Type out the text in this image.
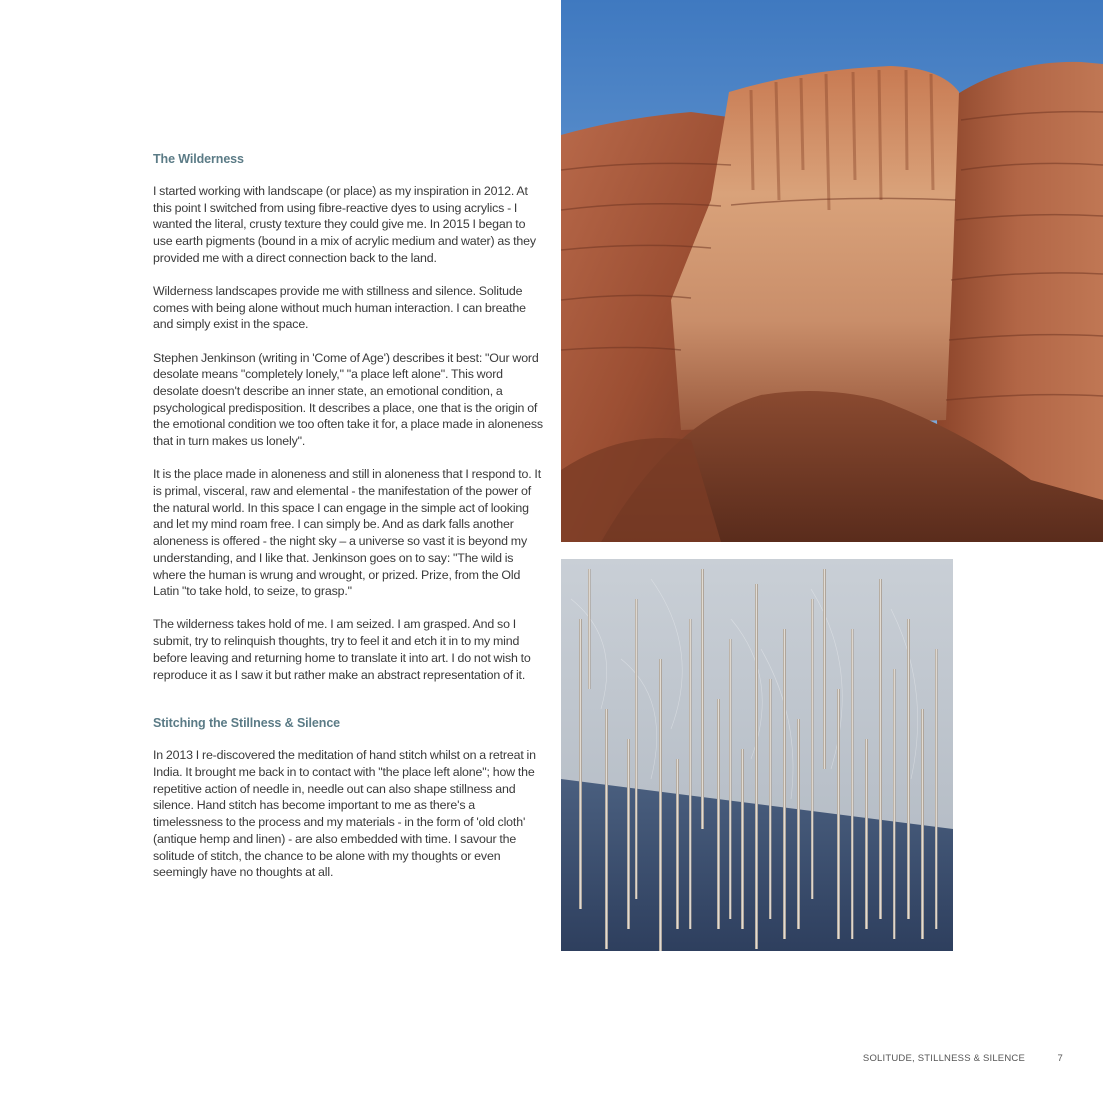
The Wilderness

I started working with landscape (or place) as my inspiration in 2012. At this point I switched from using fibre-reactive dyes to using acrylics - I wanted the literal, crusty texture they could give me. In 2015 I began to use earth pigments (bound in a mix of acrylic medium and water) as they provided me with a direct connection back to the land.

Wilderness landscapes provide me with stillness and silence. Solitude comes with being alone without much human interaction. I can breathe and simply exist in the space.

Stephen Jenkinson (writing in 'Come of Age') describes it best: "Our word desolate means "completely lonely," "a place left alone". This word desolate doesn't describe an inner state, an emotional condition, a psychological predisposition. It describes a place, one that is the origin of the emotional condition we too often take it for, a place made in aloneness that in turn makes us lonely".

It is the place made in aloneness and still in aloneness that I respond to. It is primal, visceral, raw and elemental - the manifestation of the power of the natural world. In this space I can engage in the simple act of looking and let my mind roam free. I can simply be. And as dark falls another aloneness is offered - the night sky – a universe so vast it is beyond my understanding, and I like that. Jenkinson goes on to say: "The wild is where the human is wrung and wrought, or prized. Prize, from the Old Latin "to take hold, to seize, to grasp."

The wilderness takes hold of me. I am seized. I am grasped. And so I submit, try to relinquish thoughts, try to feel it and etch it in to my mind before leaving and returning home to translate it into art. I do not wish to reproduce it as I saw it but rather make an abstract representation of it.

Stitching the Stillness & Silence

In 2013 I re-discovered the meditation of hand stitch whilst on a retreat in India. It brought me back in to contact with "the place left alone"; how the repetitive action of needle in, needle out can also shape stillness and silence. Hand stitch has become important to me as there's a timelessness to the process and my materials - in the form of 'old cloth' (antique hemp and linen) - are also embedded with time. I savour the solitude of stitch, the chance to be alone with my thoughts or even seemingly have no thoughts at all.

SOLITUDE, STILLNESS & SILENCE	7
